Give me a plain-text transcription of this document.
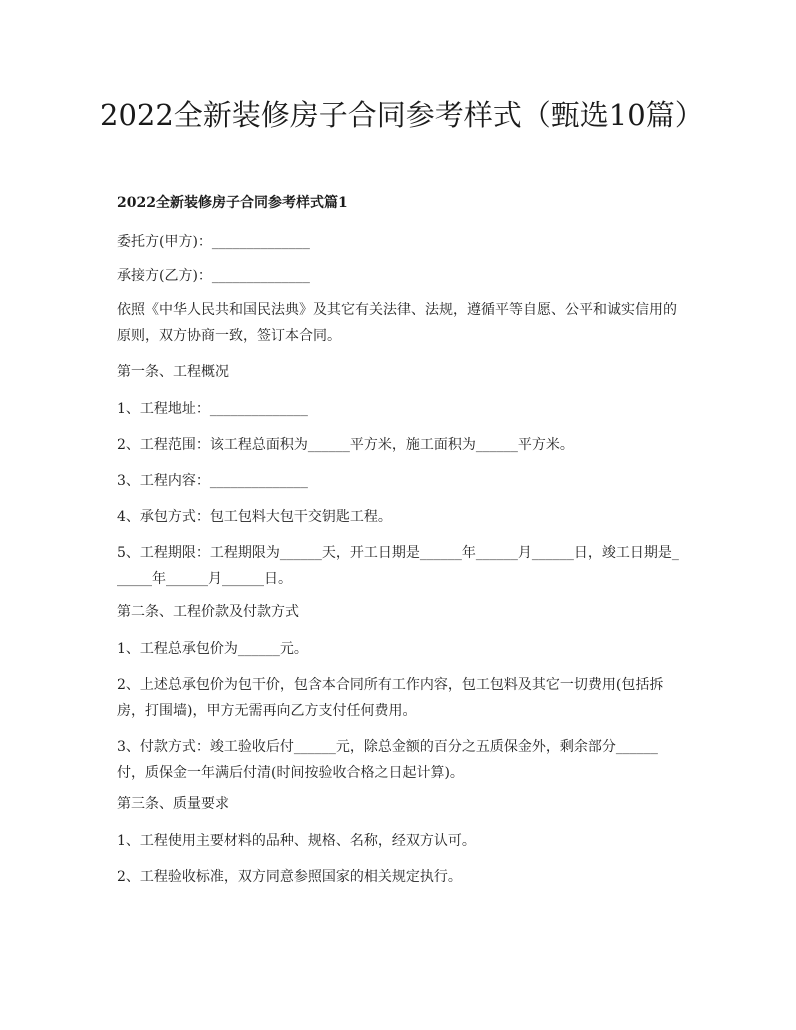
2022全新装修房子合同参考样式（甄选10篇）

2022全新装修房子合同参考样式篇1

委托方(甲方)：______________

承接方(乙方)：______________

依照《中华人民共和国民法典》及其它有关法律、法规，遵循平等自愿、公平和诚实信用的原则，双方协商一致，签订本合同。

第一条、工程概况

1、工程地址：______________

2、工程范围：该工程总面积为______平方米，施工面积为______平方米。

3、工程内容：______________

4、承包方式：包工包料大包干交钥匙工程。

5、工程期限：工程期限为______天，开工日期是______年______月______日，竣工日期是______年______月______日。

第二条、工程价款及付款方式

1、工程总承包价为______元。

2、上述总承包价为包干价，包含本合同所有工作内容，包工包料及其它一切费用(包括拆房，打围墙)，甲方无需再向乙方支付任何费用。

3、付款方式：竣工验收后付______元，除总金额的百分之五质保金外，剩余部分______付，质保金一年满后付清(时间按验收合格之日起计算)。

第三条、质量要求

1、工程使用主要材料的品种、规格、名称，经双方认可。

2、工程验收标准，双方同意参照国家的相关规定执行。
